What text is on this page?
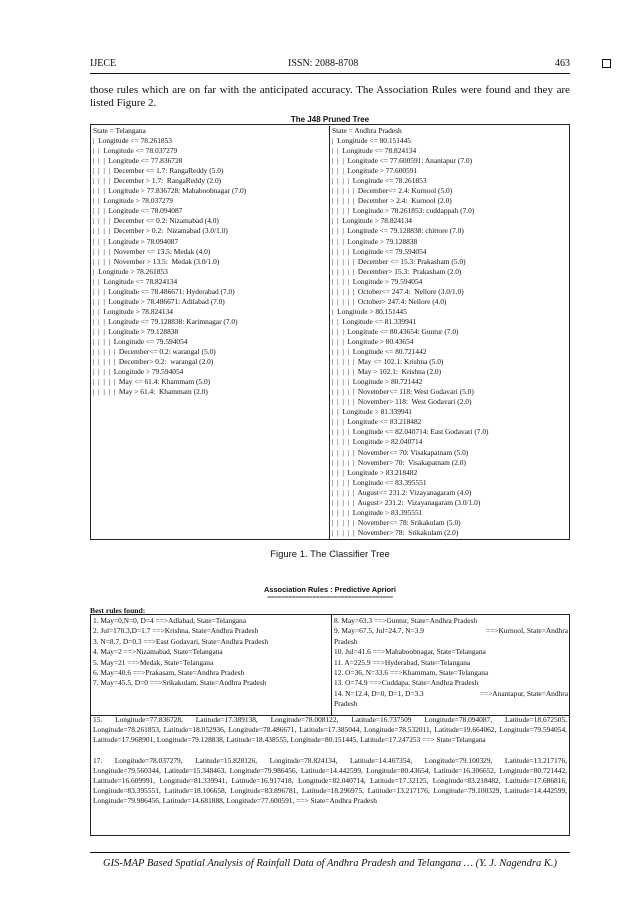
IJECE	ISSN: 2088-8708	463
those rules which are on far with the anticipated accuracy. The Association Rules were found and they are listed Figure 2.
The J48 Pruned Tree
State = Telangana
|  Longitude <= 78.261853
|  |  Longitude <= 78.037279
|  |  |  Longitude <= 77.836728
|  |  |  |  December <= 1.7: RangaReddy (5.0)
|  |  |  |  December > 1.7:  RangaReddy (2.0)
|  |  |  Longitude > 77.836728: Mahaboobnagar (7.0)
|  |  Longitude > 78.037279
|  |  |  Longitude <= 78.094087
|  |  |  |  December <= 0.2: Nizamabad (4.0)
|  |  |  |  December > 0.2:  Nizamabad (3.0/1.0)
|  |  |  Longitude > 78.094087
|  |  |  |  November <= 13.5: Medak (4.0)
|  |  |  |  November > 13.5:  Medak (3.0/1.0)
|  Longitude > 78.261853
|  |  Longitude <= 78.824134
|  |  |  Longitude <= 78.486671: Hyderabad (7.0)
|  |  |  Longitude > 78.486671: Adilabad (7.0)
|  |  Longitude > 78.824134
|  |  |  Longitude <= 79.128838: Karimnagar (7.0)
|  |  |  Longitude > 79.128838
|  |  |  |  Longitude <= 79.594054
|  |  |  |  |  December<= 0.2: warangal (5.0)
|  |  |  |  |  December> 0.2:  warangal (2.0)
|  |  |  |  Longitude > 79.594054
|  |  |  |  |  May <= 61.4: Khammam (5.0)
|  |  |  |  |  May > 61.4:  Khammam (2.0)
State = Andhra Pradesh
|  Longitude <= 80.151445
|  |  Longitude <= 78.824134
|  |  |  Longitude <= 77.600591: Anantapur (7.0)
|  |  |  Longitude > 77.600591
|  |  |  |  Longitude <= 78.261853
|  |  |  |  |  December<= 2.4: Kurnool (5.0)
|  |  |  |  |  December > 2.4:  Kurnool (2.0)
|  |  |  |  Longitude > 78.261853: cuddappah (7.0)
|  |  Longitude > 78.824134
|  |  |  Longitude <= 79.128838: chittore (7.0)
|  |  |  Longitude > 79.128838
|  |  |  |  Longitude <= 79.594054
|  |  |  |  |  December <= 15.3: Prakasham (5.0)
|  |  |  |  |  December> 15.3:  Prakasham (2.0)
|  |  |  |  Longitude > 79.594054
|  |  |  |  |  October<= 247.4:  Nellore (3.0/1.0)
|  |  |  |  |  October> 247.4: Nellore (4.0)
|  Longitude > 80.151445
|  |  Longitude <= 81.339941
|  |  |  Longitude <= 80.43654: Guntur (7.0)
|  |  |  Longitude > 80.43654
|  |  |  |  Longitude <= 80.721442
|  |  |  |  |  May <= 102.1: Krishna (5.0)
|  |  |  |  |  May > 102.1:  Krishna (2.0)
|  |  |  |  Longitude > 80.721442
|  |  |  |  |  November<= 118: West Godavari (5.0)
|  |  |  |  |  November> 118:  West Godavari (2.0)
|  |  Longitude > 81.339941
|  |  |  Longitude <= 83.218482
|  |  |  |  Longitude <= 82.040714: East Godavari (7.0)
|  |  |  |  Longitude > 82.040714
|  |  |  |  |  November<= 70: Visakapatnam (5.0)
|  |  |  |  |  November> 70:  Visakapatnam (2.0)
|  |  |  Longitude > 83.218482
|  |  |  |  Longitude <= 83.395551
|  |  |  |  |  August<= 231.2: Vizayanagaram (4.0)
|  |  |  |  |  August> 231.2:  Vizayanagaram (3.0/1.0)
|  |  |  |  Longitude > 83.395551
|  |  |  |  |  November<= 78: Srikakulam (5.0)
|  |  |  |  |  November> 78:  Srikakulam (2.0)
Figure 1. The Classifier Tree
Association Rules : Predictive Apriori
====================================
Best rules found:
1. May=0,N=0, D=4 ==>Adlabad, State=Telangana
2. Jul=170.3,D=1.7 ==>Krishna, State=Andhra Pradesh
3. N=8.7, D=0.3 ==>East Godavari, State=Andhra Pradesh
4. May=2 ==>Nizamabad, State=Telangana
5. May=21 ==>Medak, State=Telangana
6. May=40.6 ==>Prakasam, State=Andhra Pradesh
7. May=45.5, D=0 ==>Srikakulam, State=Andhra Pradesh
8. May=63.3 ==>Guntur, State=Andhra Pradesh
9. May=67.5, Jul=24.7, N=3.9	==>Kurnool, State=Andhra
Pradesh
10. Jul=41.6 ==>Mahaboobnagar, State=Telangana
11. A=225.9 ==>Hyderabad, State=Telangana
12. O=36, N=33.6 ==>Khammam, State=Telangana
13. O=74.9 ==>Cuddapa, State=Andhra Pradesh
14. N=12.4, D=0, D=1, D=3.3	==>Anantapur, State=Andhra
Pradesh
15. Longitude=77.836728, Latitude=17.389138, Longitude=78.008122, Latitude=16.737509 Longitude=78.094087, Latitude=18.672505, Longitude=78.261853, Latitude=18.052936, Longitude=78.486671, Latitude=17.385044, Longitude=78.532011, Latitude=19.664062, Longitude=79.594054, Latitude=17.968901, Longitude=79.128838, Latitude=18.438555, Longitude=80.151445, Latitude=17.247253 ==> State=Telangana
17. Longitude=78.037279, Latitude=15.828126, Longitude=78.824134, Latitude=14.467354, Longitude=79.100329, Latitude=13.217176, Longitude=79.560344, Latitude=15.348463, Longitude=79.986456, Latitude=14.442599, Longitude=80.43654, Latitude=16.306652, Longitude=80.721442, Latitude=16.609991, Longitude=81.339941, Latitude=16.917418, Longitude=82.040714, Latitude=17.32125, Longitude=83.218482, Latitude=17.686816, Longitude=83.395551, Latitude=18.106658, Longitude=83.896781, Latitude=18.296975, Latitude=13.217176, Longitude=79.100329, Latitude=14.442599, Longitude=79.986456, Latitude=14.681888, Longitude=77.600591, ==> State=Andhra Pradesh
GIS-MAP Based Spatial Analysis of Rainfall Data of Andhra Pradesh and Telangana … (Y. J. Nagendra K.)
